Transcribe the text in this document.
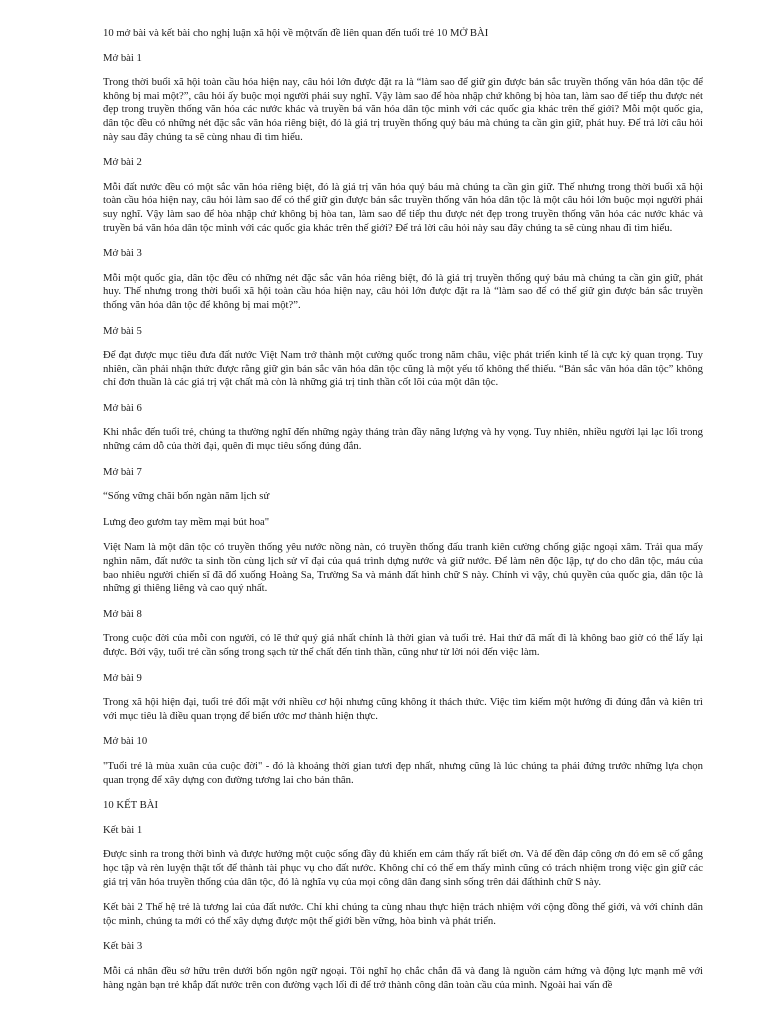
10 mở bài và kết bài cho nghị luận xã hội về mộtvấn đề liên quan đến tuổi trẻ 10 MỞ BÀI

Mở bài 1

Trong thời buổi xã hội toàn cầu hóa hiện nay, câu hỏi lớn được đặt ra là “làm sao để giữ gìn được bản sắc truyền thống văn hóa dân tộc để không bị mai một?”, câu hỏi ấy buộc mọi người phải suy nghĩ. Vậy làm sao để hòa nhập chứ không bị hòa tan, làm sao để tiếp thu được nét đẹp trong truyền thống văn hóa các nước khác và truyền bá văn hóa dân tộc mình với các quốc gia khác trên thế giới? Mỗi một quốc gia, dân tộc đều có những nét đặc sắc văn hóa riêng biệt, đó là giá trị truyền thống quý báu mà chúng ta cần gìn giữ, phát huy. Để trả lời câu hỏi này sau đây chúng ta sẽ cùng nhau đi tìm hiểu.

Mở bài 2

Mỗi đất nước đều có một sắc văn hóa riêng biệt, đó là giá trị văn hóa quý báu mà chúng ta cần gìn giữ. Thế nhưng trong thời buổi xã hội toàn cầu hóa hiện nay, câu hỏi làm sao để có thể giữ gìn được bản sắc truyền thống văn hóa dân tộc là một câu hỏi lớn buộc mọi người phải suy nghĩ. Vậy làm sao để hòa nhập chứ không bị hòa tan, làm sao để tiếp thu được nét đẹp trong truyền thống văn hóa các nước khác và truyền bá văn hóa dân tộc mình với các quốc gia khác trên thế giới? Để trả lời câu hỏi này sau đây chúng ta sẽ cùng nhau đi tìm hiểu.

Mở bài 3

Mỗi một quốc gia, dân tộc đều có những nét đặc sắc văn hóa riêng biệt, đó là giá trị truyền thống quý báu mà chúng ta cần gìn giữ, phát huy. Thế nhưng trong thời buổi xã hội toàn cầu hóa hiện nay, câu hỏi lớn được đặt ra là “làm sao để có thể giữ gìn được bản sắc truyền thống văn hóa dân tộc để không bị mai một?”.

Mở bài 5

Để đạt được mục tiêu đưa đất nước Việt Nam trở thành một cường quốc trong năm châu, việc phát triển kinh tế là cực kỳ quan trọng. Tuy nhiên, cần phải nhận thức được rằng giữ gìn bản sắc văn hóa dân tộc cũng là một yếu tố không thể thiếu. “Bản sắc văn hóa dân tộc” không chỉ đơn thuần là các giá trị vật chất mà còn là những giá trị tinh thần cốt lõi của một dân tộc.

Mở bài 6

Khi nhắc đến tuổi trẻ, chúng ta thường nghĩ đến những ngày tháng tràn đầy năng lượng và hy vọng. Tuy nhiên, nhiều người lại lạc lối trong những cám dỗ của thời đại, quên đi mục tiêu sống đúng đắn.

Mở bài 7

“Sống vững chãi bốn ngàn năm lịch sử

Lưng đeo gươm tay mềm mại bút hoa"

Việt Nam là một dân tộc có truyền thống yêu nước nồng nàn, có truyền thống đấu tranh kiên cường chống giặc ngoại xâm. Trải qua mấy nghìn năm, đất nước ta sinh tồn cùng lịch sử vĩ đại của quá trình dựng nước và giữ nước. Để làm nên độc lập, tự do cho dân tộc, máu của bao nhiêu người chiến sĩ đã đổ xuống Hoàng Sa, Trường Sa và mảnh đất hình chữ S này. Chính vì vậy, chủ quyền của quốc gia, dân tộc là những gì thiêng liêng và cao quý nhất.

Mở bài 8

Trong cuộc đời của mỗi con người, có lẽ thứ quý giá nhất chính là thời gian và tuổi trẻ. Hai thứ đã mất đi là không bao giờ có thể lấy lại được. Bởi vậy, tuổi trẻ cần sống trong sạch từ thể chất đến tinh thần, cũng như từ lời nói đến việc làm.

Mở bài 9

Trong xã hội hiện đại, tuổi trẻ đối mặt với nhiều cơ hội nhưng cũng không ít thách thức. Việc tìm kiếm một hướng đi đúng đắn và kiên trì với mục tiêu là điều quan trọng để biến ước mơ thành hiện thực.

Mở bài 10

"Tuổi trẻ là mùa xuân của cuộc đời" - đó là khoảng thời gian tươi đẹp nhất, nhưng cũng là lúc chúng ta phải đứng trước những lựa chọn quan trọng để xây dựng con đường tương lai cho bản thân.

10 KẾT BÀI

Kết bài 1

Được sinh ra trong thời bình và được hưởng một cuộc sống đầy đủ khiến em cảm thấy rất biết ơn. Và để đền đáp công ơn đó em sẽ cố gắng học tập và rèn luyện thật tốt để thành tài phục vụ cho đất nước. Không chỉ có thế em thấy mình cũng có trách nhiệm trong việc gìn giữ các giá trị văn hóa truyền thống của dân tộc, đó là nghĩa vụ của mọi công dân đang sinh sống trên dải đấthình chữ S này.

Kết bài 2 Thế hệ trẻ là tương lai của đất nước. Chỉ khi chúng ta cùng nhau thực hiện trách nhiệm với cộng đồng thế giới, và với chính dân tộc mình, chúng ta mới có thể xây dựng được một thế giới bền vững, hòa bình và phát triển.

Kết bài 3

Mỗi cá nhân đều sở hữu trên dưới bốn ngôn ngữ ngoại. Tôi nghĩ họ chắc chắn đã và đang là nguồn cảm hứng và động lực mạnh mẽ với hàng ngàn bạn trẻ khắp đất nước trên con đường vạch lối đi để trở thành công dân toàn cầu của mình. Ngoài hai vấn đề
